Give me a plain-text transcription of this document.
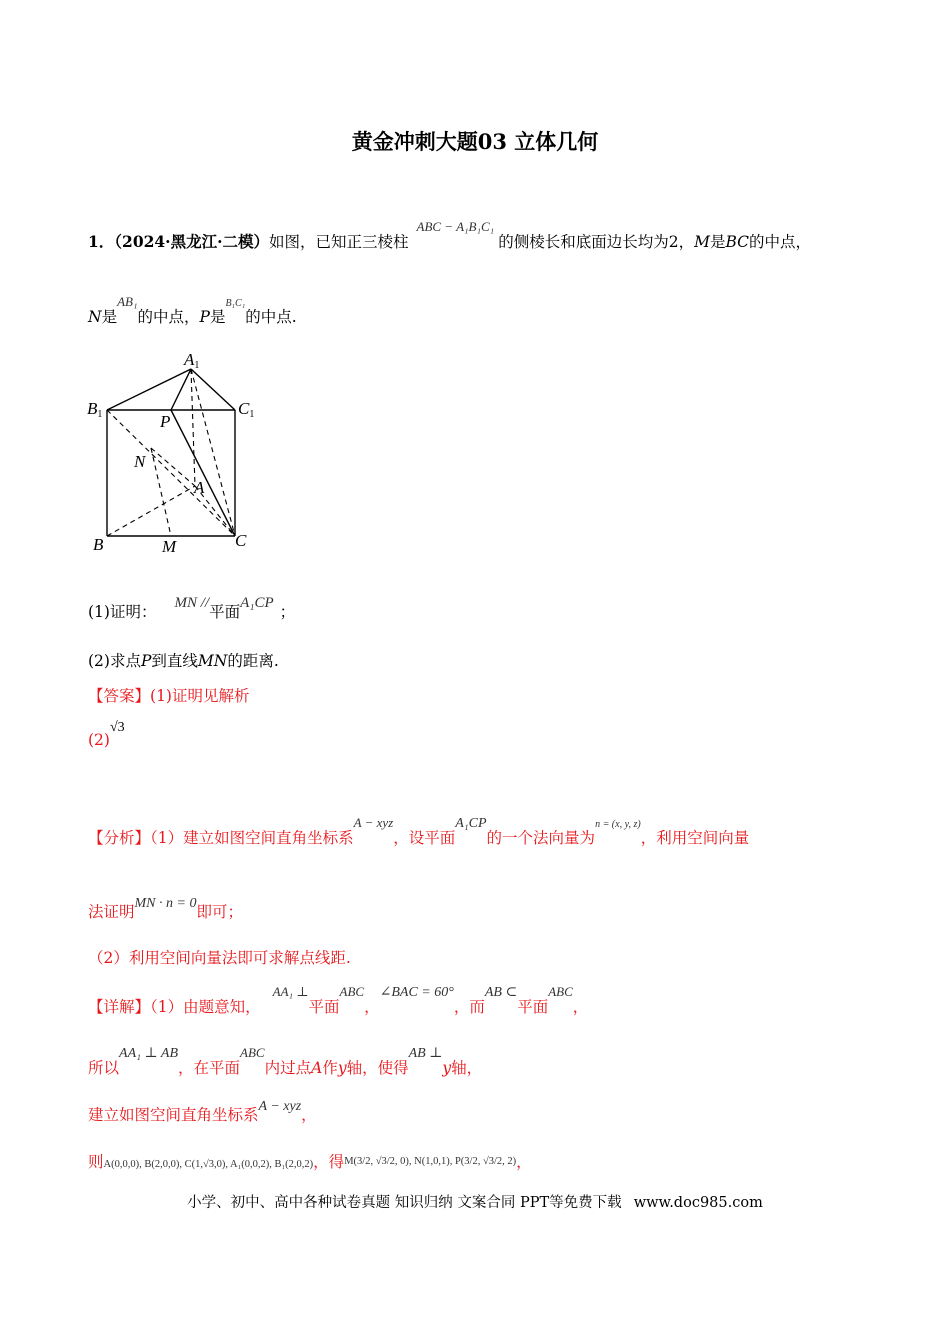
黄金冲刺大题03 立体几何
1．（2024·黑龙江·二模）如图，已知正三棱柱ABC − A₁B₁C₁的侧棱长和底面边长均为2，M是BC的中点，
N是AB₁的中点，P是B₁C₁的中点.
A1
B1	C1
P
N
A
B	M	C
(1)证明： MN //平面A₁CP ；
(2)求点P到直线MN的距离.
【答案】(1)证明见解析
(2)√3
【分析】（1）建立如图空间直角坐标系A − xyz，设平面A₁CP的一个法向量为n = (x, y, z)，利用空间向量
法证明MN · n = 0即可；
（2）利用空间向量法即可求解点线距.
【详解】（1）由题意知，AA₁ ⊥平面ABC，∠BAC = 60°，而AB ⊂平面ABC，
所以AA₁ ⊥ AB，在平面ABC内过点A作y轴，使得AB ⊥y轴，
建立如图空间直角坐标系A − xyz，
则A(0,0,0), B(2,0,0), C(1,√3,0), A₁(0,0,2), B₁(2,0,2)，得M(3/2, √3/2, 0), N(1,0,1), P(3/2, √3/2, 2)，
小学、初中、高中各种试卷真题 知识归纳 文案合同 PPT等免费下载 www.doc985.com
